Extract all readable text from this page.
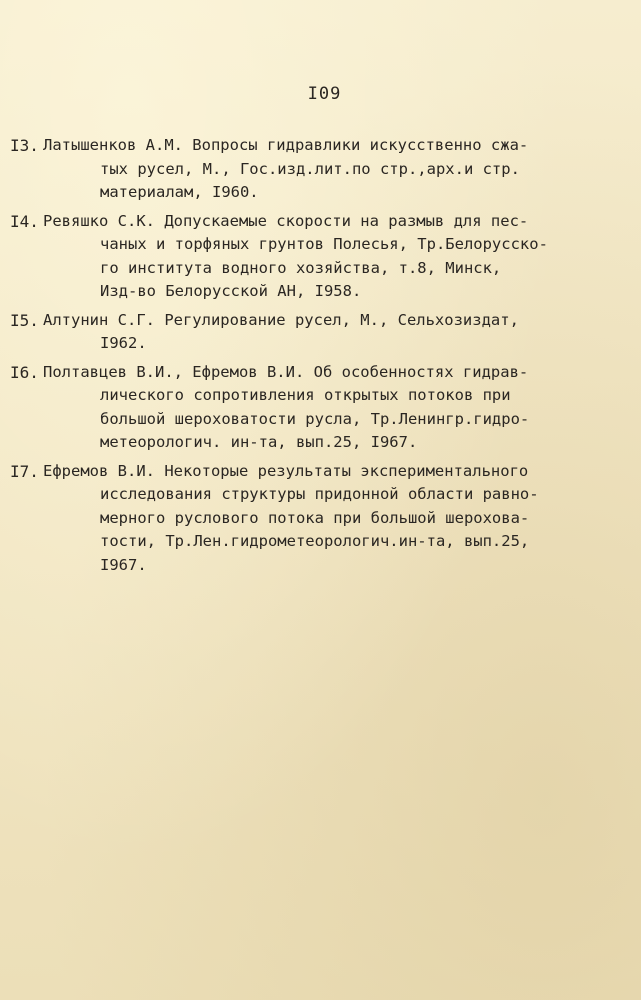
I09
I3. Латышенков А.М. Вопросы гидравлики искусственно сжа-
тых русел, М., Гос.изд.лит.по стр.,арх.и стр.
материалам, I960.
I4. Ревяшко С.К. Допускаемые скорости на размыв для пес-
чаных и торфяных грунтов Полесья, Тр.Белорусско-
го института водного хозяйства, т.8, Минск,
Изд-во Белорусской АН, I958.
I5. Алтунин С.Г. Регулирование русел, М., Сельхозиздат,
I962.
I6. Полтавцев В.И., Ефремов В.И. Об особенностях гидрав-
лического сопротивления открытых потоков при
большой шероховатости русла, Тр.Ленингр.гидро-
метеорологич. ин-та, вып.25, I967.
I7. Ефремов В.И. Некоторые результаты экспериментального
исследования структуры придонной области равно-
мерного руслового потока при большой шерохова-
тости, Тр.Лен.гидрометеорологич.ин-та, вып.25,
I967.
